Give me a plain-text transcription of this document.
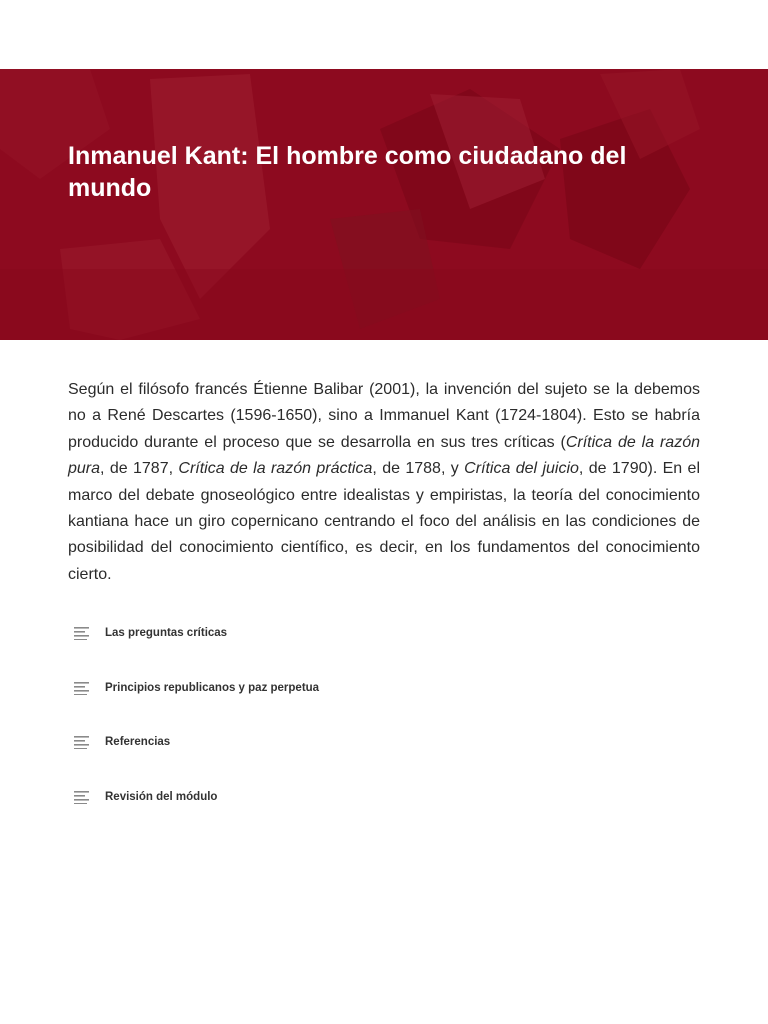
Inmanuel Kant: El hombre como ciudadano del mundo

Según el filósofo francés Étienne Balibar (2001), la invención del sujeto se la debemos no a René Descartes (1596-1650), sino a Immanuel Kant (1724-1804). Esto se habría producido durante el proceso que se desarrolla en sus tres críticas (Crítica de la razón pura, de 1787, Crítica de la razón práctica, de 1788, y Crítica del juicio, de 1790). En el marco del debate gnoseológico entre idealistas y empiristas, la teoría del conocimiento kantiana hace un giro copernicano centrando el foco del análisis en las condiciones de posibilidad del conocimiento científico, es decir, en los fundamentos del conocimiento cierto.

Las preguntas críticas
Principios republicanos y paz perpetua
Referencias
Revisión del módulo
